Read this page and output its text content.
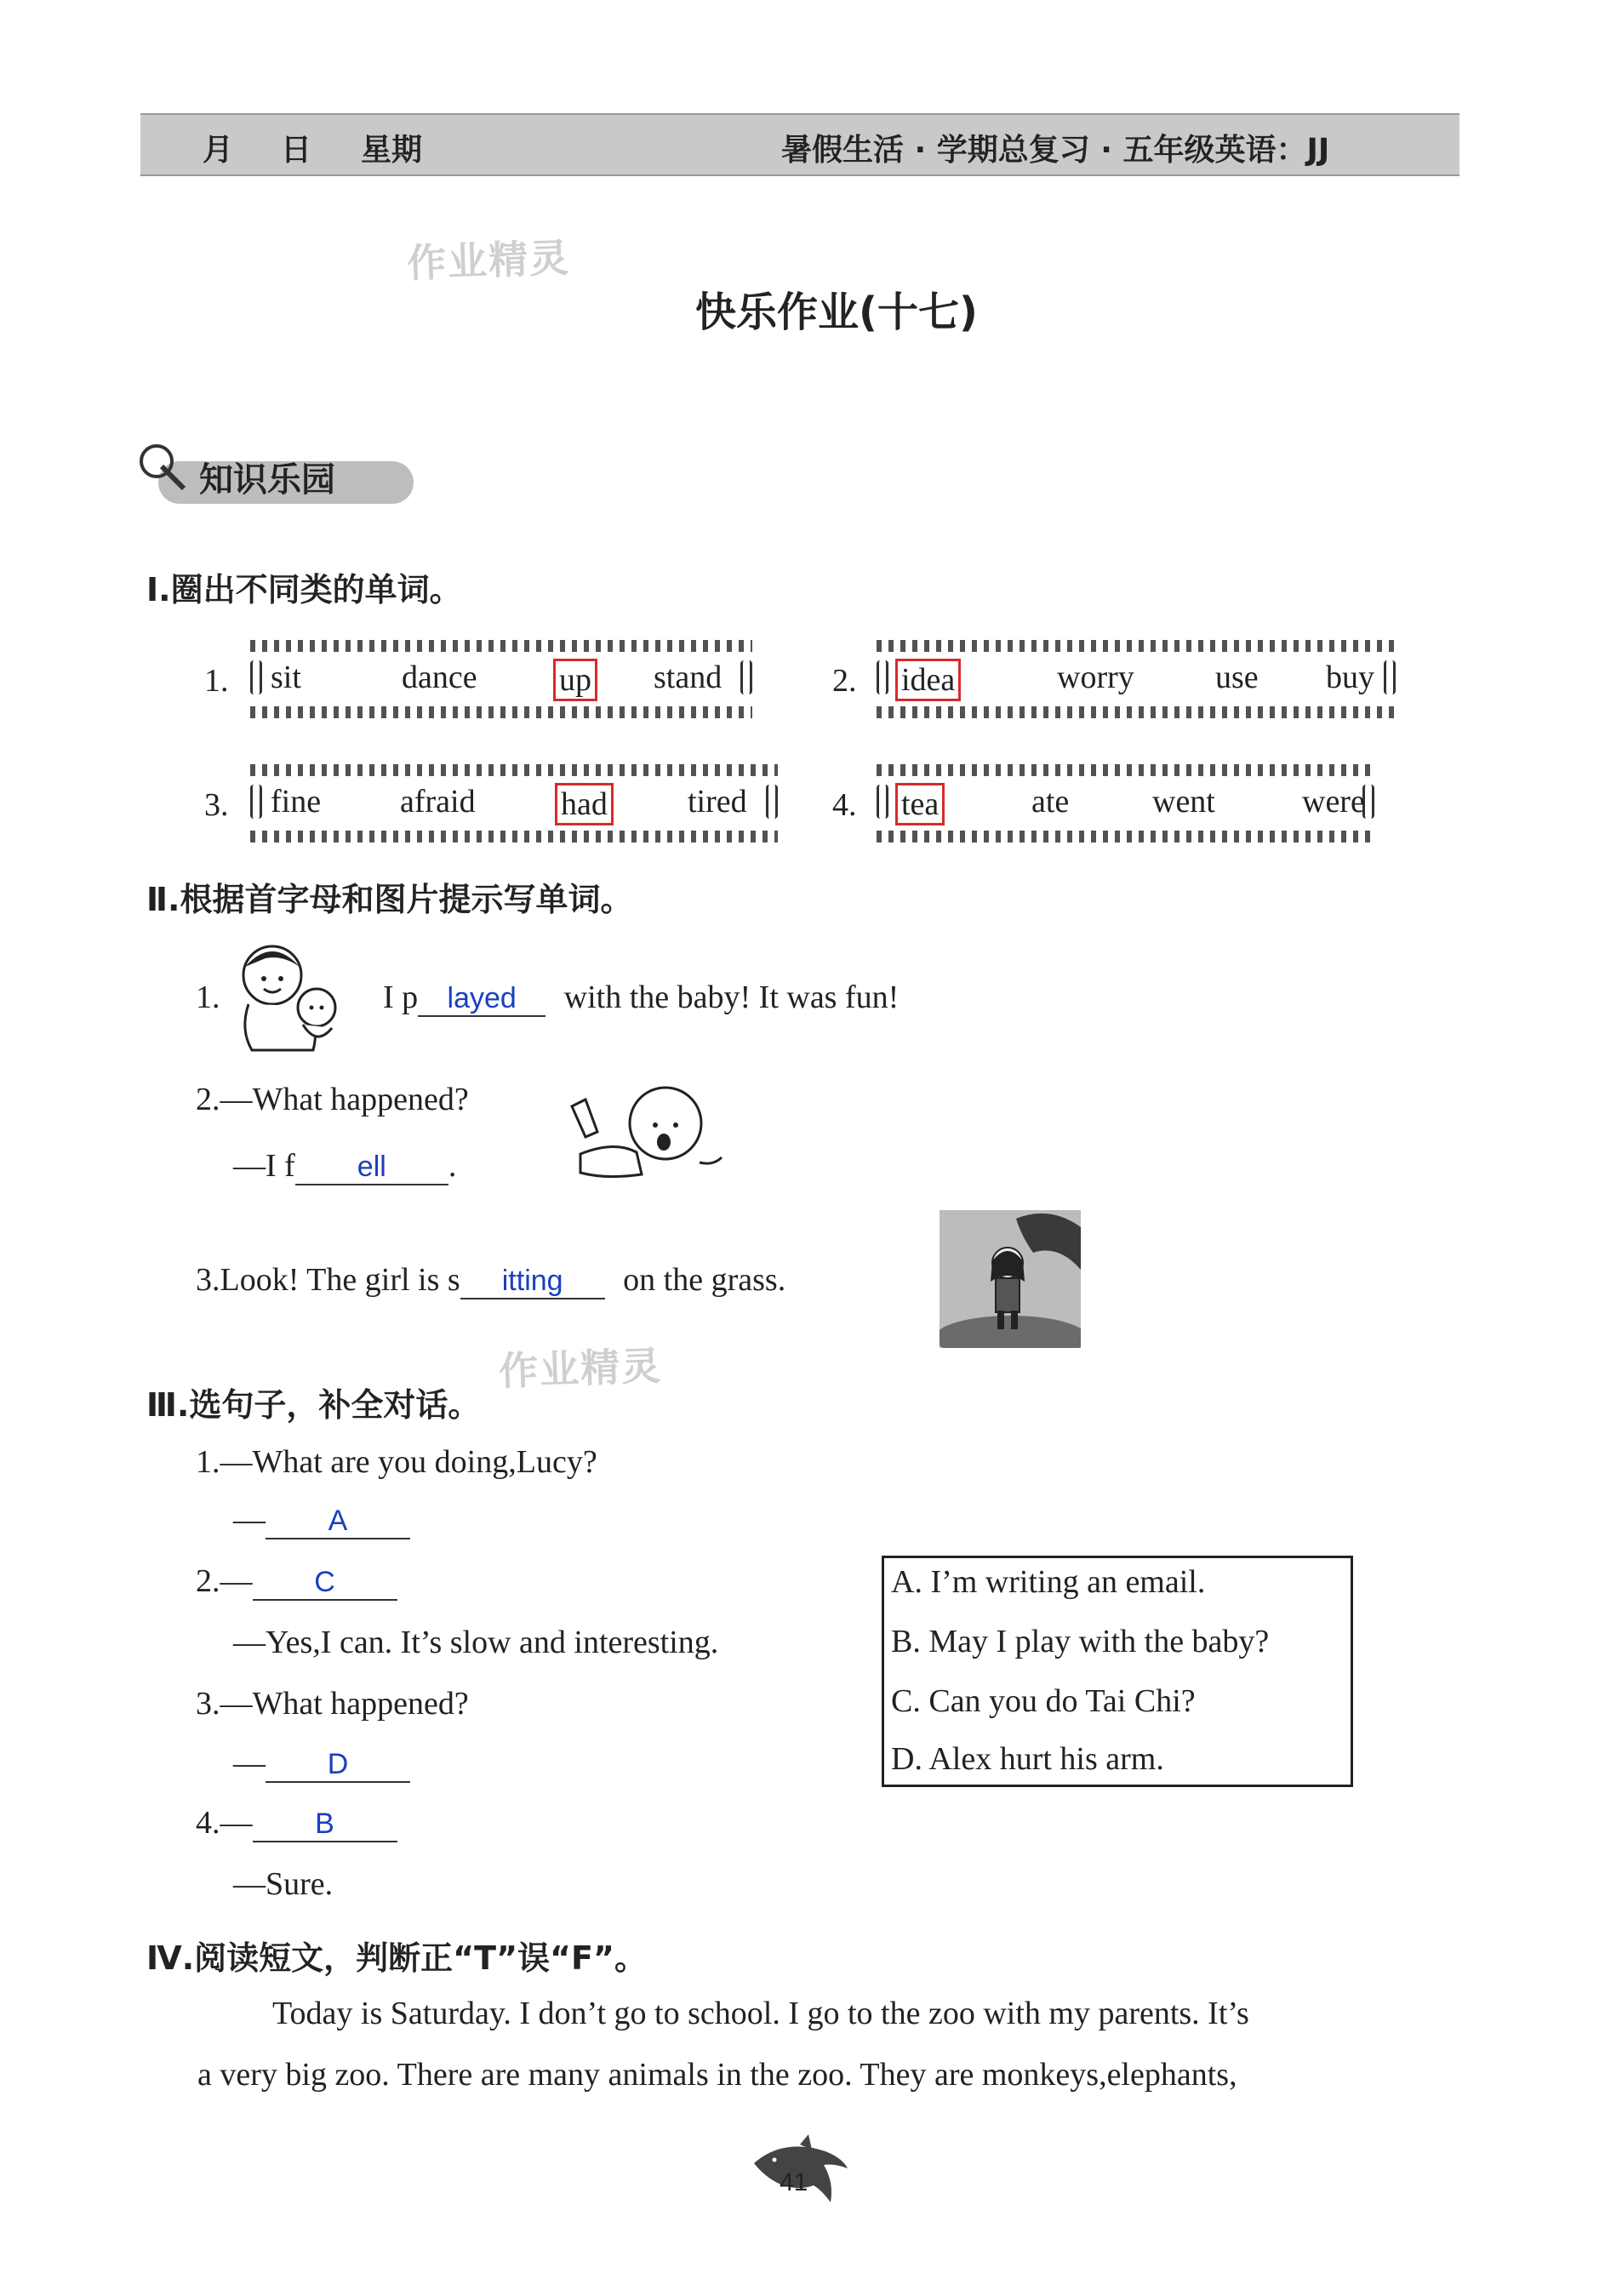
月 日 星期	暑假生活 · 学期总复习 · 五年级英语：JJ
作业精灵
作业精灵
快乐作业(十七)
知识乐园
Ⅰ.圈出不同类的单词。
1. sit	dance	up stand	2. idea	worry	use buy
3. fine afraid	had tired	4. tea	ate	went	were
Ⅱ.根据首字母和图片提示写单词。
1.	I p layed with the baby! It was fun!
2.—What happened?
—I f ell .
3.Look! The girl is s itting on the grass.
Ⅲ.选句子，补全对话。
1.—What are you doing,Lucy?
— A
2.— C
—Yes,I can. It’s slow and interesting.
3.—What happened?
— D
4.— B
—Sure.
A. I’m writing an email.
B. May I play with the baby?
C. Can you do Tai Chi?
D. Alex hurt his arm.
Ⅳ.阅读短文，判断正“T”误“F”。
Today is Saturday. I don’t go to school. I go to the zoo with my parents. It’s
a very big zoo. There are many animals in the zoo. They are monkeys,elephants,
41
